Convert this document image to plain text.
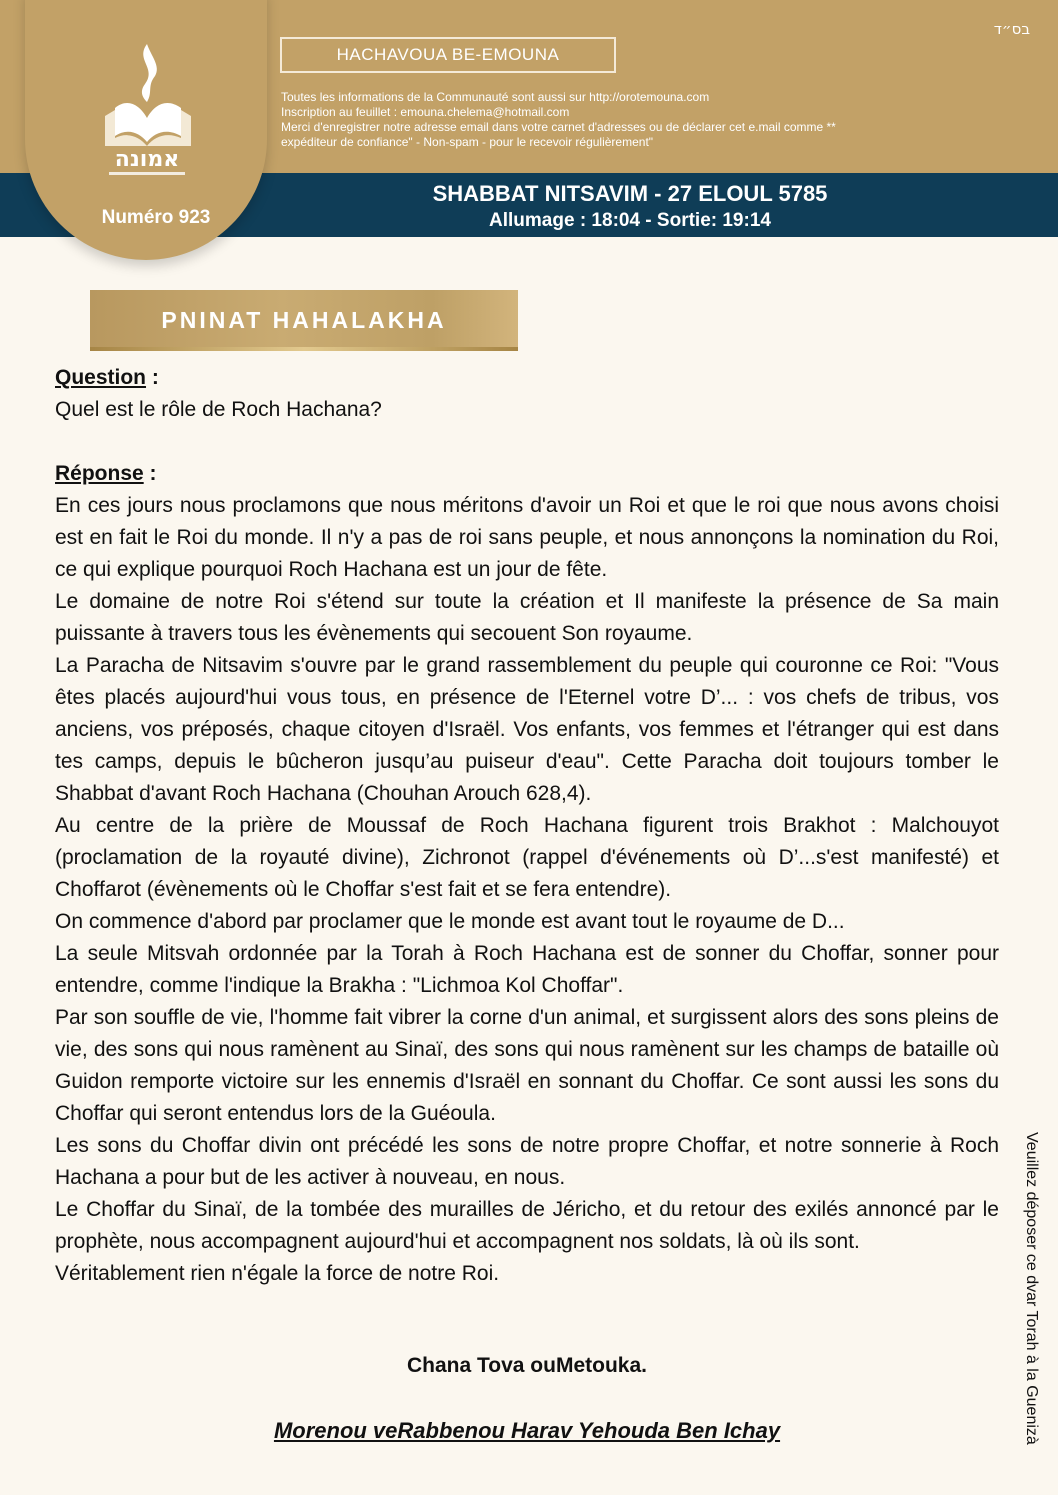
בס״ד
HACHAVOUA BE-EMOUNA
Toutes les informations de la Communauté sont aussi sur http://orotemouna.com
Inscription au feuillet : emouna.chelema@hotmail.com
Merci d'enregistrer notre adresse email dans votre carnet d'adresses ou de déclarer cet e.mail comme **
expéditeur de confiance" - Non-spam - pour le recevoir régulièrement"
SHABBAT NITSAVIM - 27 ELOUL 5785
Allumage : 18:04 - Sortie: 19:14
אמונה
Numéro 923
PNINAT HAHALAKHA

Question :

Quel est le rôle de Roch Hachana?

Réponse :

En ces jours nous proclamons que nous méritons d'avoir un Roi et que le roi que nous avons choisi est en fait le Roi du monde. Il n'y a pas de roi sans peuple, et nous annonçons la nomination du Roi, ce qui explique pourquoi Roch Hachana est un jour de fête.

Le domaine de notre Roi s'étend sur toute la création et Il manifeste la présence de Sa main puissante à travers tous les évènements qui secouent Son royaume.

La Paracha de Nitsavim s'ouvre par le grand rassemblement du peuple qui couronne ce Roi: "Vous êtes placés aujourd'hui vous tous, en présence de l'Eternel votre D’... : vos chefs de tribus, vos anciens, vos préposés, chaque citoyen d'Israël. Vos enfants, vos femmes et l'étranger qui est dans tes camps, depuis le bûcheron jusqu’au puiseur d'eau". Cette Paracha doit toujours tomber le Shabbat d'avant Roch Hachana (Chouhan Arouch 628,4).

Au centre de la prière de Moussaf de Roch Hachana figurent trois Brakhot : Malchouyot (proclamation de la royauté divine), Zichronot (rappel d'événements où D’...s'est manifesté) et Choffarot (évènements où le Choffar s'est fait et se fera entendre).

On commence d'abord par proclamer que le monde est avant tout le royaume de D...

La seule Mitsvah ordonnée par la Torah à Roch Hachana est de sonner du Choffar, sonner pour entendre, comme l'indique la Brakha : "Lichmoa Kol Choffar".

Par son souffle de vie, l'homme fait vibrer la corne d'un animal, et surgissent alors des sons pleins de vie, des sons qui nous ramènent au Sinaï, des sons qui nous ramènent sur les champs de bataille où Guidon remporte victoire sur les ennemis d'Israël en sonnant du Choffar. Ce sont aussi les sons du Choffar qui seront entendus lors de la Guéoula.

Les sons du Choffar divin ont précédé les sons de notre propre Choffar, et notre sonnerie à Roch Hachana a pour but de les activer à nouveau, en nous.

Le Choffar du Sinaï, de la tombée des murailles de Jéricho, et du retour des exilés annoncé par le prophète, nous accompagnent aujourd'hui et accompagnent nos soldats, là où ils sont.

Véritablement rien n'égale la force de notre Roi.

Chana Tova ouMetouka.
Morenou veRabbenou Harav Yehouda Ben Ichay	Veuillez déposer ce dvar Torah à la Guenizà
